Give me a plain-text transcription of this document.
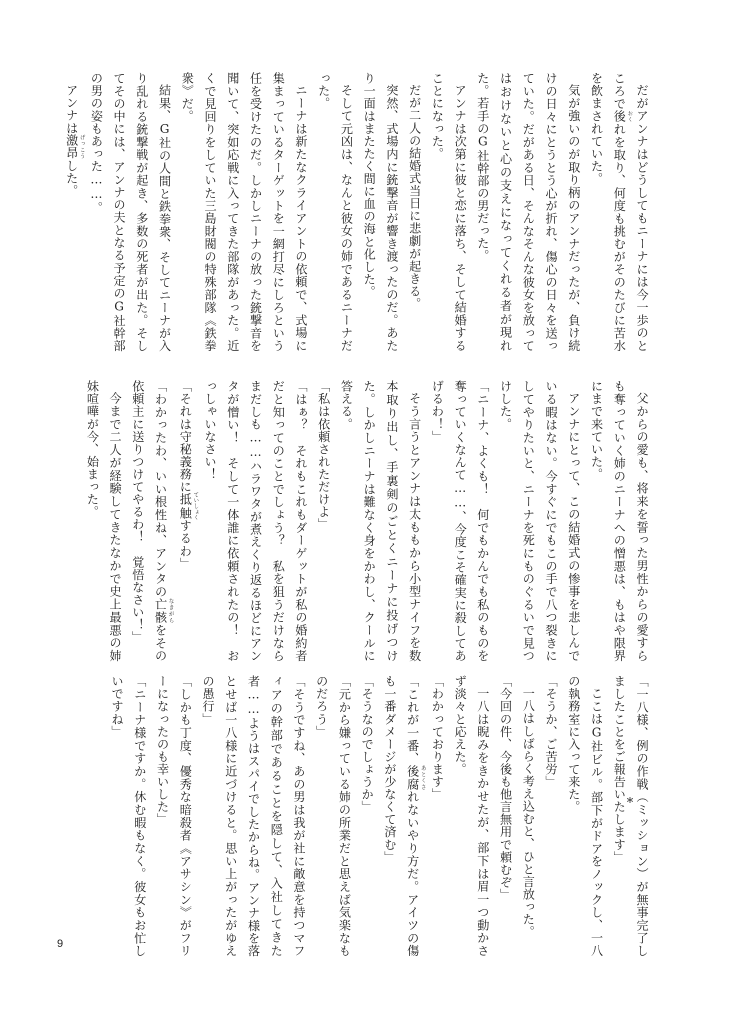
だがアンナはどうしてもニーナには今一歩のところで後 おくれを取り、何度も挑むがそのたびに苦水を飲まされていた。

気が強いのが取り柄のアンナだったが、負け続けの日々にとうとう心が折れ、傷心の日々を送っていた。だがある日、そんなそんな彼女を放ってはおけないと心の支えになってくれる者が現れた。若手のG社幹部の男だった。

アンナは次第に彼と恋に落ち、そして結婚することになった。

だが二人の結婚式当日に悲劇が起きる。

突然、式場内に銃撃音が響き渡ったのだ。あたり一面はまたたく間に血の海と化した。

そして元凶は、なんと彼女の姉であるニーナだった。

ニーナは新たなクライアントの依頼で、式場に集まっているターゲットを一網打尽にしろという任を受けたのだ。しかしニーナの放った銃撃音を聞いて、突如応戦に入ってきた部隊があった。近くで見回りをしていた三島財閥の特殊部隊《鉄拳衆》だ。

結果、G社の人間と鉄拳衆、そしてニーナが入り乱れる銃撃戦が起き、多数の死者が出た。そしてその中には、アンナの夫となる予定のG社幹部の男の姿もあった……。

アンナは激昂 げっこうした。

父からの愛も、将来を誓った男性からの愛すらも奪っていく姉のニーナへの憎悪は、もはや限界にまで来ていた。

アンナにとって、この結婚式の惨事を悲しんでいる暇はない。今すぐにでもこの手で八つ裂きにしてやりたいと、ニーナを死にものぐるいで見つけした。

「ニーナ、よくも！　何でもかんでも私のものを奪っていくなんて……、今度こそ確実に殺してあげるわ！」

そう言うとアンナは太ももから小型ナイフを数本取り出し、手裏剣のごとくニーナに投げつけた。しかしニーナは難なく身をかわし、クールに答える。

「私は依頼されただけよ」

「はぁ？　それもこれもダーゲットが私の婚約者だと知ってのことでしょう？　私を狙うだけならまだしも……ハラワタが煮えくり返るほどにアンタが憎い！　そして一体誰に依頼されたの！　おっしゃいなさい！

「それは守秘義務に抵触 ていしょくするわ」

「わかったわ、いい根性ね、アンタの亡骸 なきがらをその依頼主に送りつけてやるわ！　覚悟なさい！」

今まで二人が経験してきたなかで史上最悪の姉妹喧嘩が今、始まった。

* 「一八様、例の作戦（ミッション）が無事完了しましたことをご報告いたします」

ここはG社ビル。部下がドアをノックし、一八の執務室に入って来た。

「そうか、ご苦労」

一八はしばらく考え込むと、ひと言放った。

「今回の件、今後も他言無用で頼むぞ」

一八は睨みをきかせたが、部下は眉一つ動かさず淡々と応えた。

「わかっております」

「これが一番、後腐 あとくされないやり方だ。アイツの傷も一番ダメージが少なくて済む」

「そうなのでしょうか」

「元から嫌っている姉の所業だと思えば気楽なものだろう」

「そうですね、あの男は我が社に敵意を持つマフィアの幹部であることを隠して、入社してきた者……ようはスパイでしたからね。アンナ様を落とせば一八様に近づけると。思い上がったがゆえの愚行」

「しかも丁度、優秀な暗殺者《アサシン》がフリーになったのも幸いした」

「ニーナ様ですか。休む暇もなく。彼女もお忙しいですね」

9
